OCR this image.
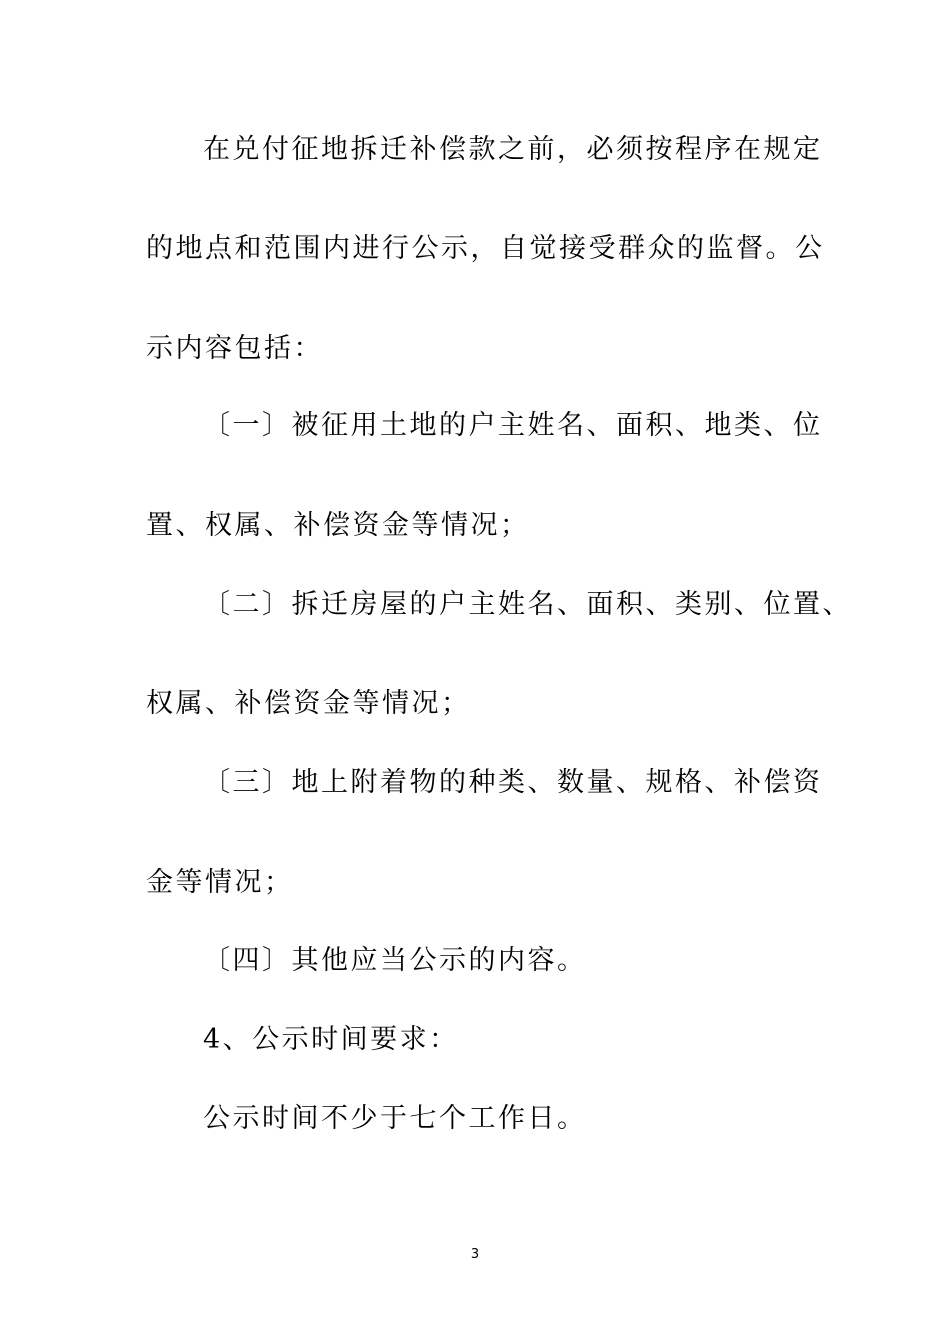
在兑付征地拆迁补偿款之前，必须按程序在规定
的地点和范围内进行公示，自觉接受群众的监督。公
示内容包括：
〔一〕被征用土地的户主姓名、面积、地类、位
置、权属、补偿资金等情况；
〔二〕拆迁房屋的户主姓名、面积、类别、位置、
权属、补偿资金等情况；
〔三〕地上附着物的种类、数量、规格、补偿资
金等情况；
〔四〕其他应当公示的内容。
4、公示时间要求：
公示时间不少于七个工作日。
3
